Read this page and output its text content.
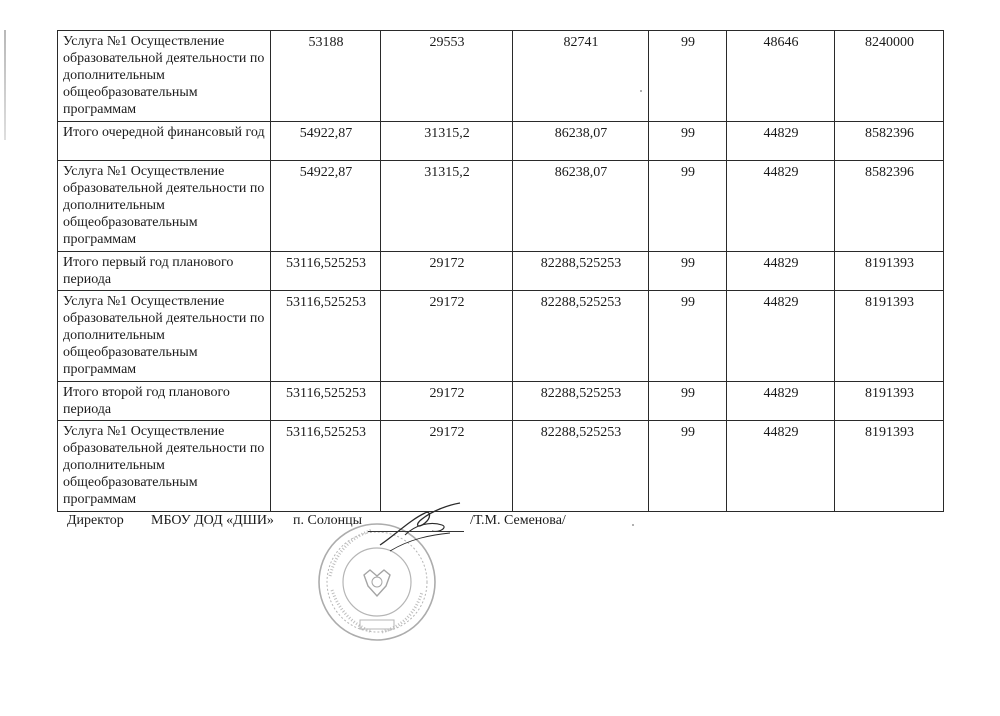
Услуга №1 Осуществление образовательной деятельности по дополнительным общеобразовательным программам	53188	29553	82741	99	48646	8240000
Итого очередной финансовый год	54922,87	31315,2	86238,07	99	44829	8582396
Услуга №1 Осуществление образовательной деятельности по дополнительным общеобразовательным программам	54922,87	31315,2	86238,07	99	44829	8582396
Итого первый год планового периода	53116,525253	29172	82288,525253	99	44829	8191393
Услуга №1 Осуществление образовательной деятельности по дополнительным общеобразовательным программам	53116,525253	29172	82288,525253	99	44829	8191393
Итого второй год планового периода	53116,525253	29172	82288,525253	99	44829	8191393
Услуга №1 Осуществление образовательной деятельности по дополнительным общеобразовательным программам	53116,525253	29172	82288,525253	99	44829	8191393
Директор МБОУ ДОД «ДШИ» п. Солонцы	/Т.М. Семенова/
